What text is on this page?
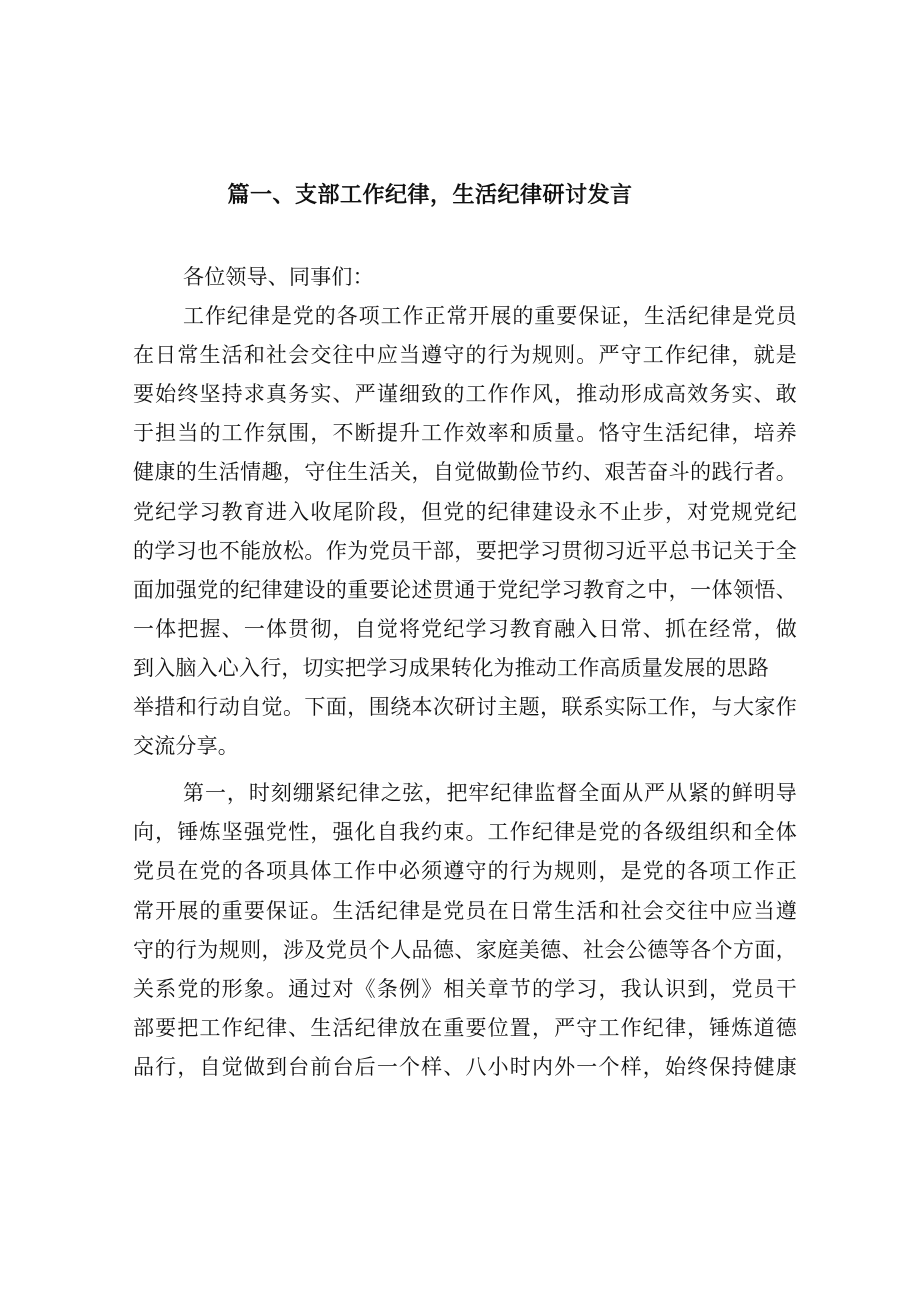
篇一、支部工作纪律，生活纪律研讨发言
各位领导、同事们：
工作纪律是党的各项工作正常开展的重要保证，生活纪律是党员
在日常生活和社会交往中应当遵守的行为规则。严守工作纪律，就是
要始终坚持求真务实、严谨细致的工作作风，推动形成高效务实、敢
于担当的工作氛围，不断提升工作效率和质量。恪守生活纪律，培养
健康的生活情趣，守住生活关，自觉做勤俭节约、艰苦奋斗的践行者。
党纪学习教育进入收尾阶段，但党的纪律建设永不止步，对党规党纪
的学习也不能放松。作为党员干部，要把学习贯彻习近平总书记关于全
面加强党的纪律建设的重要论述贯通于党纪学习教育之中，一体领悟、
一体把握、一体贯彻，自觉将党纪学习教育融入日常、抓在经常，做
到入脑入心入行，切实把学习成果转化为推动工作高质量发展的思路
举措和行动自觉。下面，围绕本次研讨主题，联系实际工作，与大家作
交流分享。
第一，时刻绷紧纪律之弦，把牢纪律监督全面从严从紧的鲜明导
向，锤炼坚强党性，强化自我约束。工作纪律是党的各级组织和全体
党员在党的各项具体工作中必须遵守的行为规则，是党的各项工作正
常开展的重要保证。生活纪律是党员在日常生活和社会交往中应当遵
守的行为规则，涉及党员个人品德、家庭美德、社会公德等各个方面，
关系党的形象。通过对《条例》相关章节的学习，我认识到，党员干
部要把工作纪律、生活纪律放在重要位置，严守工作纪律，锤炼道德
品行，自觉做到台前台后一个样、八小时内外一个样，始终保持健康
